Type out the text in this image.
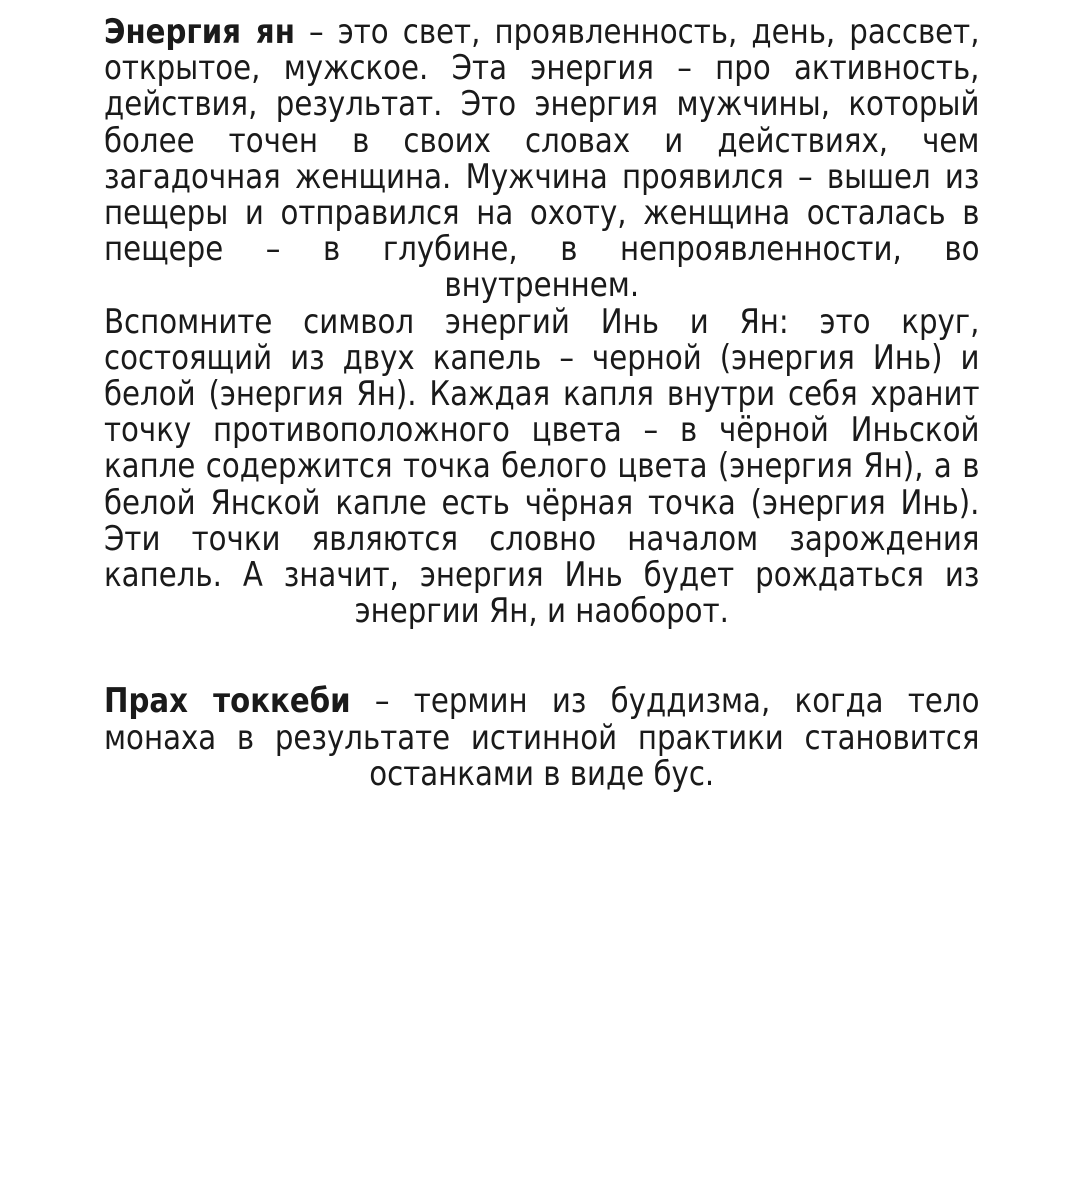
Энергия ян – это свет, проявленность, день, рассвет, открытое, мужское. Эта энергия – про активность, действия, результат. Это энергия мужчины, который более точен в своих словах и действиях, чем загадочная женщина. Мужчина проявился – вышел из пещеры и отправился на охоту, женщина осталась в пещере – в глубине, в непроявленности, во внутреннем.

Вспомните символ энергий Инь и Ян: это круг, состоящий из двух капель – черной (энергия Инь) и белой (энергия Ян). Каждая капля внутри себя хранит точку противоположного цвета – в чёрной Иньской капле содержится точка белого цвета (энергия Ян), а в белой Янской капле есть чёрная точка (энергия Инь). Эти точки являются словно началом зарождения капель. А значит, энергия Инь будет рождаться из энергии Ян, и наоборот.

Прах токкеби – термин из буддизма, когда тело монаха в результате истинной практики становится останками в виде бус.
